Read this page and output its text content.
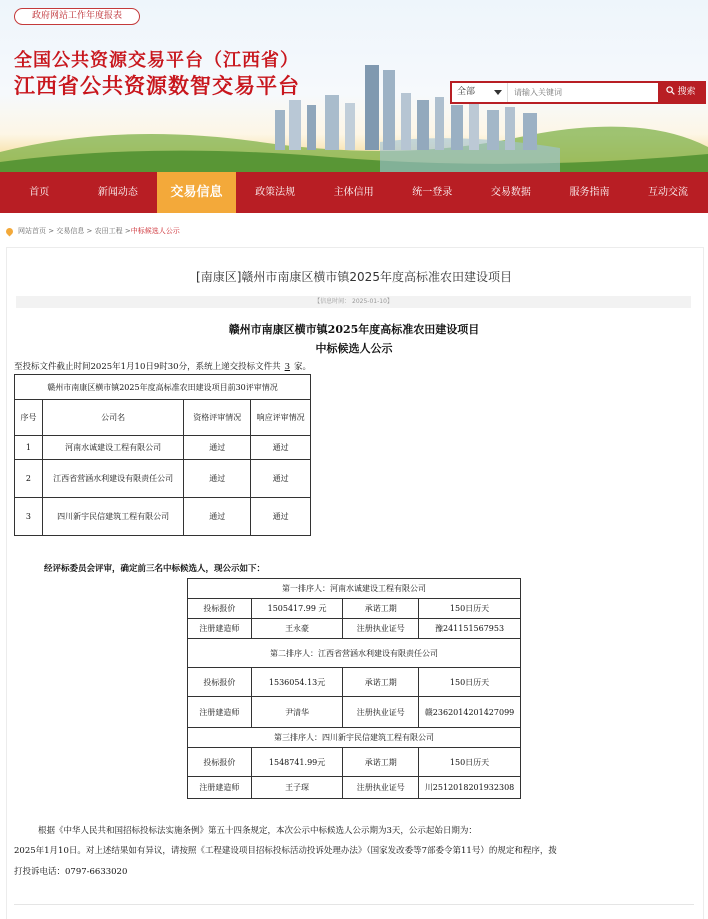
政府网站工作年度报表
全国公共资源交易平台（江西省）
江西省公共资源数智交易平台	全部
请输入关键词	搜索
首页	新闻动态	交易信息	政策法规	主体信用	统一登录	交易数据	服务指南	互动交流
网站首页 > 交易信息 > 农田工程 > 中标候选人公示
[南康区]赣州市南康区横市镇2025年度高标准农田建设项目
【信息时间： 2025-01-10】
赣州市南康区横市镇2025年度高标准农田建设项目
中标候选人公示
至投标文件截止时间2025年1月10日9时30分，系统上递交投标文件共 3 家。
赣州市南康区横市镇2025年度高标准农田建设项目前30评审情况			
序号	公司名	资格评审情况	响应评审情况
1	河南水诚建设工程有限公司	通过	通过
2	江西省营涵水利建设有限责任公司	通过	通过
3	四川新宇民信建筑工程有限公司	通过	通过
经评标委员会评审，确定前三名中标候选人，现公示如下：
第一排序人：河南水诚建设工程有限公司			
投标报价	1505417.99 元	承诺工期	150日历天
注册建造师	王永豪	注册执业证号	豫241151567953
第二排序人：江西省营涵水利建设有限责任公司			
投标报价	1536054.13元	承诺工期	150日历天
注册建造师	尹清华	注册执业证号	赣2362014201427099
第三排序人：四川新宇民信建筑工程有限公司			
投标报价	1548741.99元	承诺工期	150日历天
注册建造师	王子琛	注册执业证号	川2512018201932308
根据《中华人民共和国招标投标法实施条例》第五十四条规定，本次公示中标候选人公示期为3天，公示起始日期为：
2025年1月10日。对上述结果如有异议，请按照《工程建设项目招标投标活动投诉处理办法》（国家发改委等7部委令第11号）的规定和程序，拨
打投诉电话：0797-6633020
